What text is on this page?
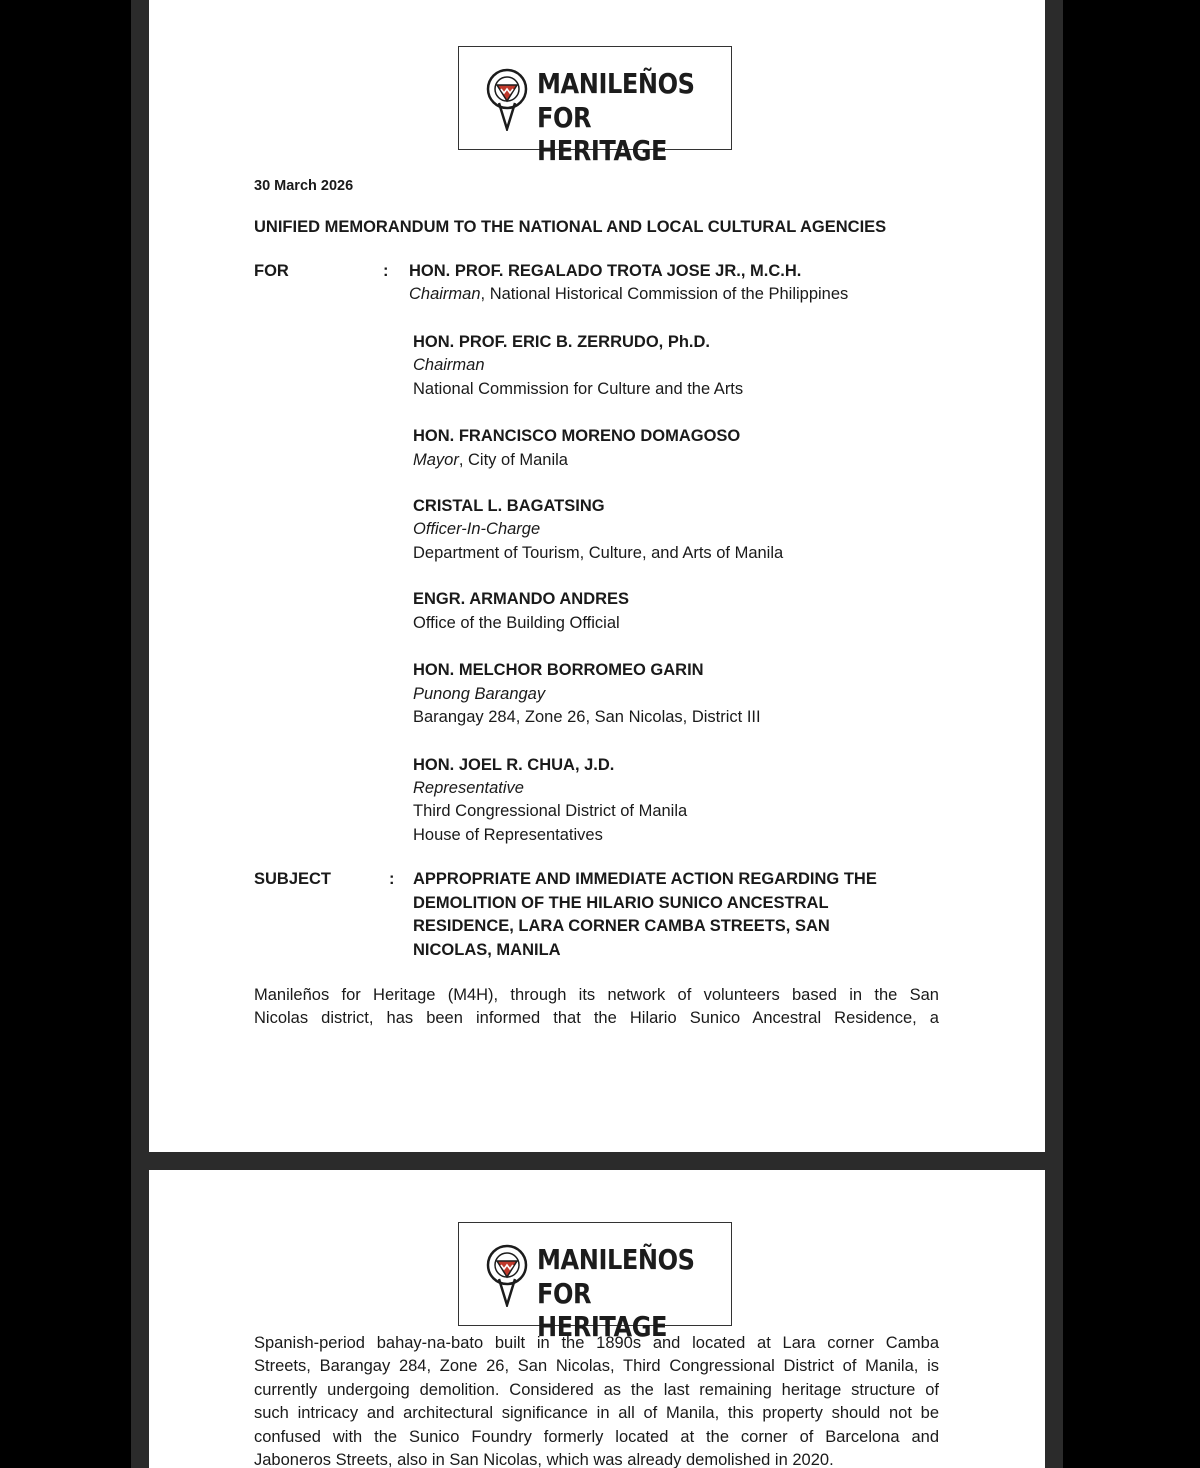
MANILEÑOS
FOR HERITAGE
30 March 2026
UNIFIED MEMORANDUM TO THE NATIONAL AND LOCAL CULTURAL AGENCIES
FOR	: HON. PROF. REGALADO TROTA JOSE JR., M.C.H.
Chairman, National Historical Commission of the Philippines
HON. PROF. ERIC B. ZERRUDO, Ph.D.
Chairman
National Commission for Culture and the Arts
HON. FRANCISCO MORENO DOMAGOSO
Mayor, City of Manila
CRISTAL L. BAGATSING
Officer-In-Charge
Department of Tourism, Culture, and Arts of Manila
ENGR. ARMANDO ANDRES
Office of the Building Official
HON. MELCHOR BORROMEO GARIN
Punong Barangay
Barangay 284, Zone 26, San Nicolas, District III
HON. JOEL R. CHUA, J.D.
Representative
Third Congressional District of Manila
House of Representatives
SUBJECT	: APPROPRIATE AND IMMEDIATE ACTION REGARDING THE
DEMOLITION OF THE HILARIO SUNICO ANCESTRAL
RESIDENCE, LARA CORNER CAMBA STREETS, SAN
NICOLAS, MANILA
Manileños for Heritage (M4H), through its network of volunteers based in the San
Nicolas district, has been informed that the Hilario Sunico Ancestral Residence, a
MANILEÑOS
FOR HERITAGE
Spanish-period bahay-na-bato built in the 1890s and located at Lara corner Camba
Streets, Barangay 284, Zone 26, San Nicolas, Third Congressional District of Manila, is
currently undergoing demolition. Considered as the last remaining heritage structure of
such intricacy and architectural significance in all of Manila, this property should not be
confused with the Sunico Foundry formerly located at the corner of Barcelona and
Jaboneros Streets, also in San Nicolas, which was already demolished in 2020.
